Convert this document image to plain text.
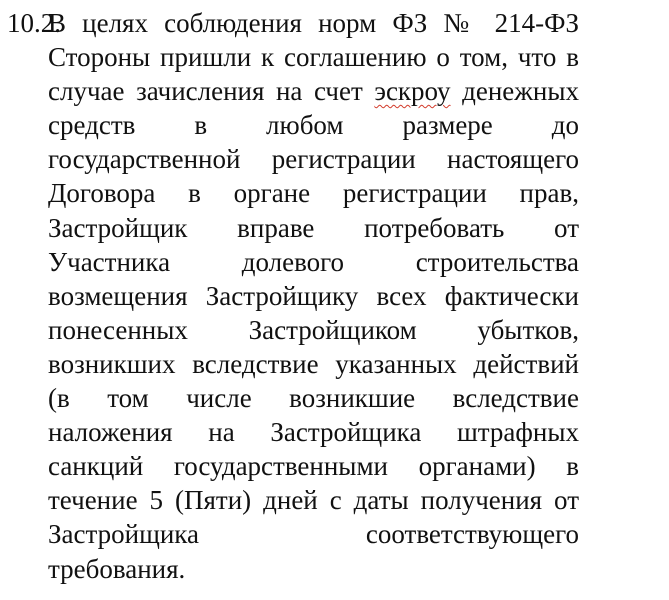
10.2.
В целях соблюдения норм ФЗ № 214-ФЗ
Стороны пришли к соглашению о том, что в
случае зачисления на счет эскроу денежных
средств в любом размере до
государственной регистрации настоящего
Договора в органе регистрации прав,
Застройщик вправе потребовать от
Участника долевого строительства
возмещения Застройщику всех фактически
понесенных Застройщиком убытков,
возникших вследствие указанных действий
(в том числе возникшие вследствие
наложения на Застройщика штрафных
санкций государственными органами) в
течение 5 (Пяти) дней с даты получения от
Застройщика соответствующего
требования.
